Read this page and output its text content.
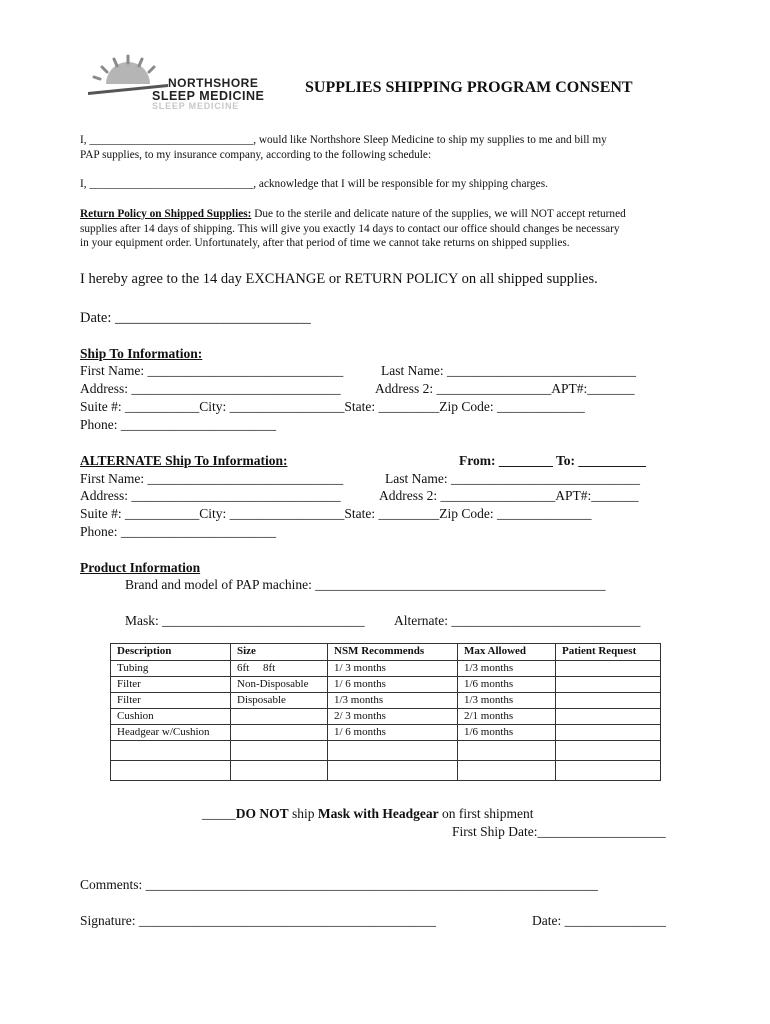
NORTHSHORE
SLEEP MEDICINE
SLEEP MEDICINE
SUPPLIES SHIPPING PROGRAM CONSENT
I, _____________________________, would like Northshore Sleep Medicine to ship my supplies to me and bill my
PAP supplies, to my insurance company, according to the following schedule:
I, _____________________________, acknowledge that I will be responsible for my shipping charges.
Return Policy on Shipped Supplies: Due to the sterile and delicate nature of the supplies, we will NOT accept returned
supplies after 14 days of shipping. This will give you exactly 14 days to contact our office should changes be necessary
in your equipment order. Unfortunately, after that period of time we cannot take returns on shipped supplies.
I hereby agree to the 14 day EXCHANGE or RETURN POLICY on all shipped supplies.
Date: ___________________________
Ship To Information:
First Name: _____________________________	Last Name: ____________________________
Address: _______________________________	Address 2: _________________APT#:_______
Suite #: ___________City: _________________State: _________Zip Code: _____________
Phone: _______________________
ALTERNATE Ship To Information:	From: ________ To: __________
First Name: _____________________________	Last Name: ____________________________
Address: _______________________________	Address 2: _________________APT#:_______
Suite #: ___________City: _________________State: _________Zip Code: ______________
Phone: _______________________
Product Information
Brand and model of PAP machine: ___________________________________________
Mask: ______________________________ Alternate: ____________________________
Description	Size	NSM Recommends	Max Allowed	Patient Request
Tubing	6ft     8ft	1/ 3 months	1/3 months	
Filter	Non-Disposable	1/ 6 months	1/6 months	
Filter	Disposable	1/3 months	1/3 months	
Cushion		2/ 3 months	2/1 months	
Headgear w/Cushion		1/ 6 months	1/6 months	

_____DO NOT ship Mask with Headgear on first shipment
First Ship Date:___________________
Comments: ___________________________________________________________________
Signature: ____________________________________________	Date: _______________
